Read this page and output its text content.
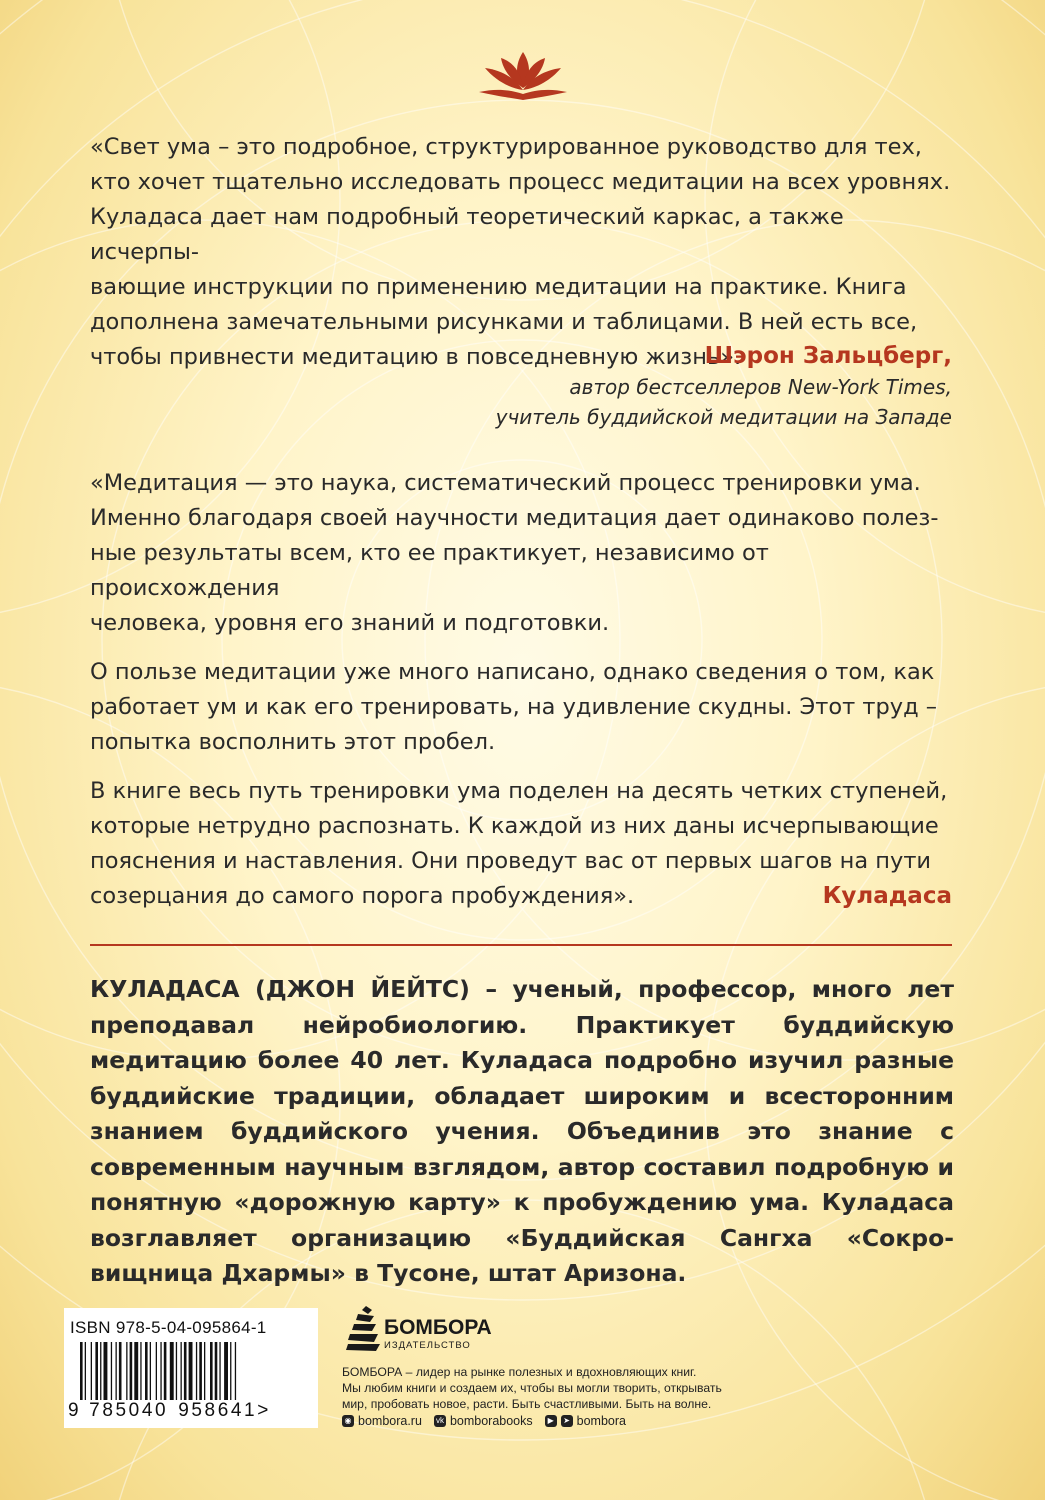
«Свет ума – это подробное, структурированное руководство для тех,

кто хочет тщательно исследовать процесс медитации на всех уровнях.

Куладаса дает нам подробный теоретический каркас, а также исчерпы-

вающие инструкции по применению медитации на практике. Книга

дополнена замечательными рисунками и таблицами. В ней есть все,

чтобы привнести медитацию в повседневную жизнь».

Шэрон Зальцберг,
автор бестселлеров New-York Times,
учитель буддийской медитации на Западе

«Медитация — это наука, систематический процесс тренировки ума.
Именно благодаря своей научности медитация дает одинаково полез-
ные результаты всем, кто ее практикует, независимо от происхождения
человека, уровня его знаний и подготовки.

О пользе медитации уже много написано, однако сведения о том, как
работает ум и как его тренировать, на удивление скудны. Этот труд –
попытка восполнить этот пробел.

В книге весь путь тренировки ума поделен на десять четких ступеней,
которые нетрудно распознать. К каждой из них даны исчерпывающие
пояснения и наставления. Они проведут вас от первых шагов на пути
созерцания до самого порога пробуждения».	Куладаса
КУЛАДАСА (ДЖОН ЙЕЙТС) – ученый, профессор, много лет преподавал нейробиологию. Практикует буддийскую медитацию более 40 лет. Куладаса подробно изучил разные буддийские традиции, обладает широким и всесторонним знанием буддийского учения. Объединив это знание с современным научным взглядом, автор составил подробную и понятную «дорожную карту» к пробуждению ума. Куладаса возглавляет организацию «Буддийская Сангха «Сокро- вищница Дхармы» в Тусоне, штат Аризона.
ISBN 978-5-04-095864-1
9 785040 958641 >
БОМБОРА
ИЗДАТЕЛЬСТВО
БОМБОРА – лидер на рынке полезных и вдохновляющих книг.
Мы любим книги и создаем их, чтобы вы могли творить, открывать
мир, пробовать новое, расти. Быть счастливыми. Быть на волне.
◉ bombora.ru vk bomborabooks	▶	➤ bombora
